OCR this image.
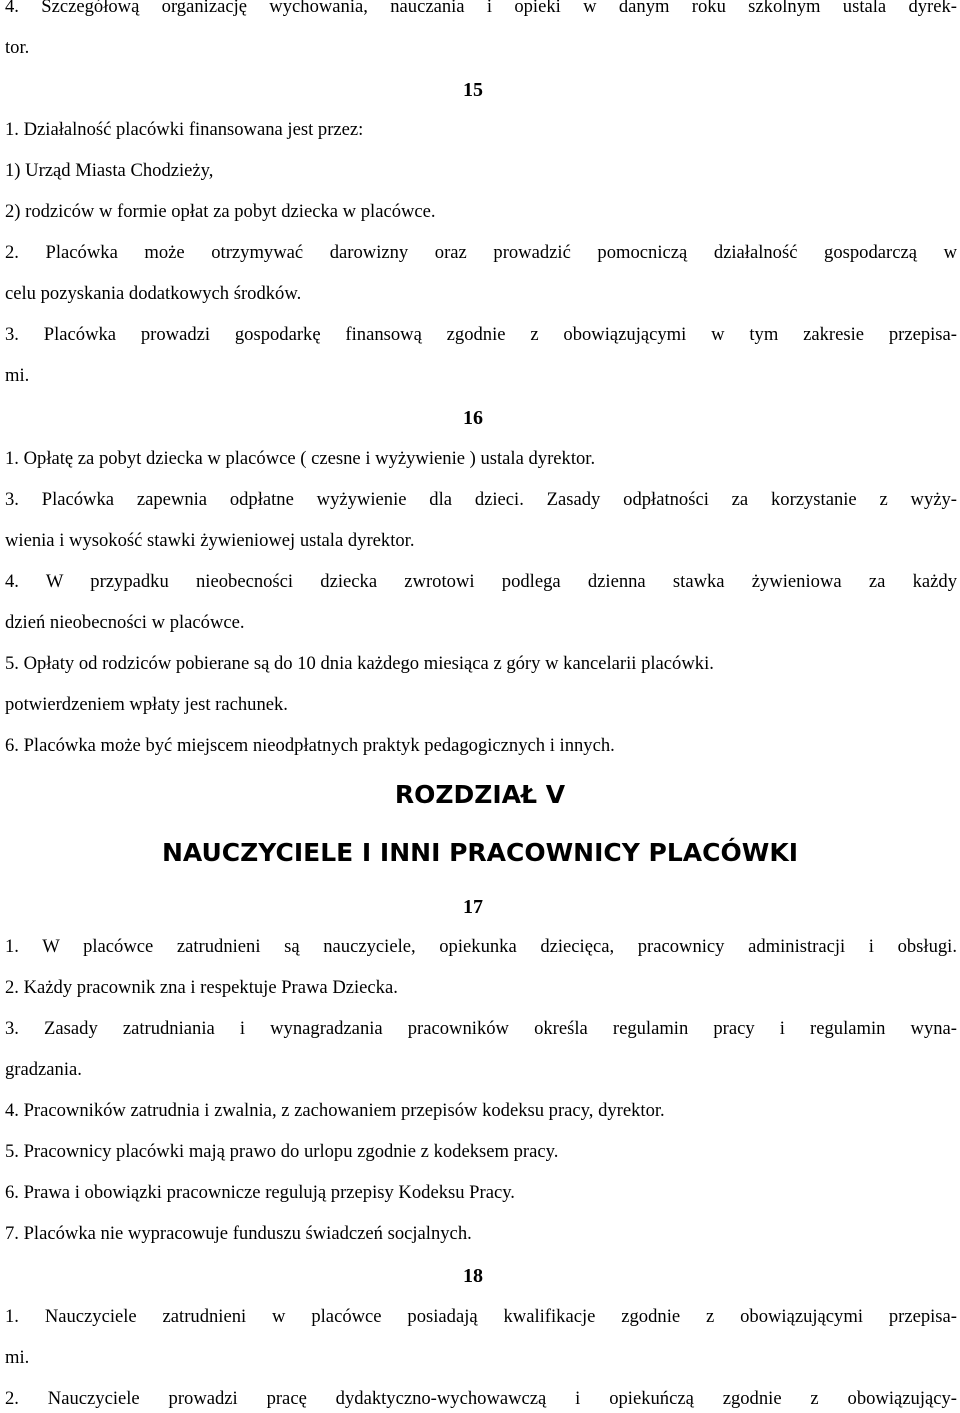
4. Szczegółową organizację wychowania, nauczania i opieki w danym roku szkolnym ustala dyrek-
tor.
15
1. Działalność placówki finansowana jest przez:
1) Urząd Miasta Chodzieży,
2) rodziców w formie opłat za pobyt dziecka w placówce.
2. Placówka może otrzymywać darowizny oraz prowadzić pomocniczą działalność gospodarczą w
celu pozyskania dodatkowych środków.
3. Placówka prowadzi gospodarkę finansową zgodnie z obowiązującymi w tym zakresie przepisa-
mi.
16
1. Opłatę za pobyt dziecka w placówce ( czesne i wyżywienie ) ustala dyrektor.
3. Placówka zapewnia odpłatne wyżywienie dla dzieci. Zasady odpłatności za korzystanie z wyży-
wienia i wysokość stawki żywieniowej ustala dyrektor.
4. W przypadku nieobecności dziecka zwrotowi podlega dzienna stawka żywieniowa za każdy
dzień nieobecności w placówce.
5. Opłaty od rodziców pobierane są do 10 dnia każdego miesiąca z góry w kancelarii placówki.
potwierdzeniem wpłaty jest rachunek.
6. Placówka może być miejscem nieodpłatnych praktyk pedagogicznych i innych.
ROZDZIAŁ V
NAUCZYCIELE I INNI PRACOWNICY PLACÓWKI
17
1. W placówce zatrudnieni są nauczyciele, opiekunka dziecięca, pracownicy administracji i obsługi.
2. Każdy pracownik zna i respektuje Prawa Dziecka.
3. Zasady zatrudniania i wynagradzania pracowników określa regulamin pracy i regulamin wyna-
gradzania.
4. Pracowników zatrudnia i zwalnia, z zachowaniem przepisów kodeksu pracy, dyrektor.
5. Pracownicy placówki mają prawo do urlopu zgodnie z kodeksem pracy.
6. Prawa i obowiązki pracownicze regulują przepisy Kodeksu Pracy.
7. Placówka nie wypracowuje funduszu świadczeń socjalnych.
18
1. Nauczyciele zatrudnieni w placówce posiadają kwalifikacje zgodnie z obowiązującymi przepisa-
mi.
2. Nauczyciele prowadzi pracę dydaktyczno-wychowawczą i opiekuńczą zgodnie z obowiązujący-
